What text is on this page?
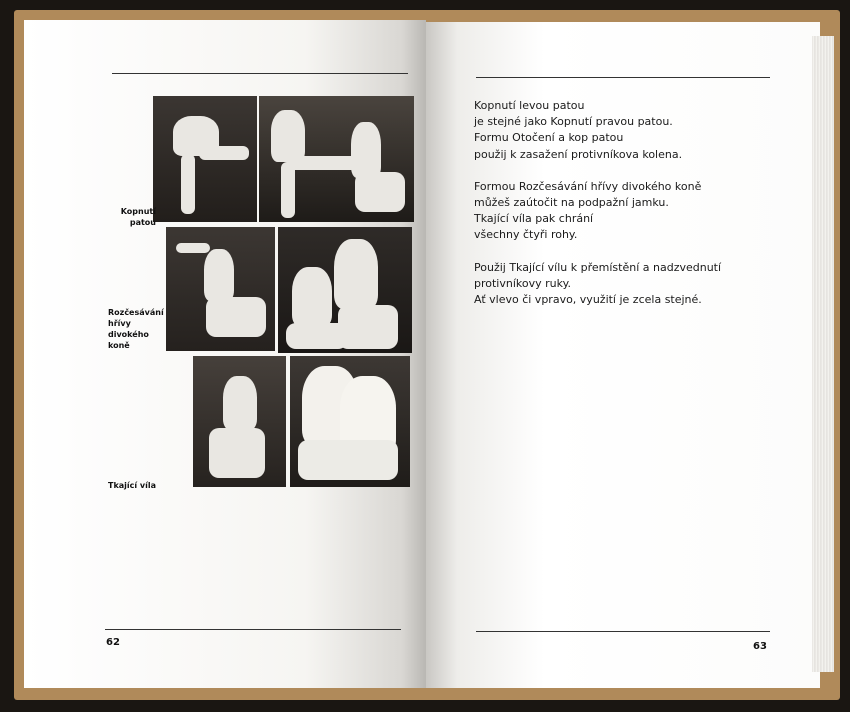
Kopnutí
patou
Rozčesávání
hřívy
divokého
koně
Tkající víla
62

Kopnutí levou patou
je stejné jako Kopnutí pravou patou.
Formu Otočení a kop patou
použij k zasažení protivníkova kolena.

Formou Rozčesávání hřívy divokého koně
můžeš zaútočit na podpažní jamku.
Tkající víla pak chrání
všechny čtyři rohy.

Použij Tkající vílu k přemístění a nadzvednutí
protivníkovy ruky.
Ať vlevo či vpravo, využití je zcela stejné.

63
